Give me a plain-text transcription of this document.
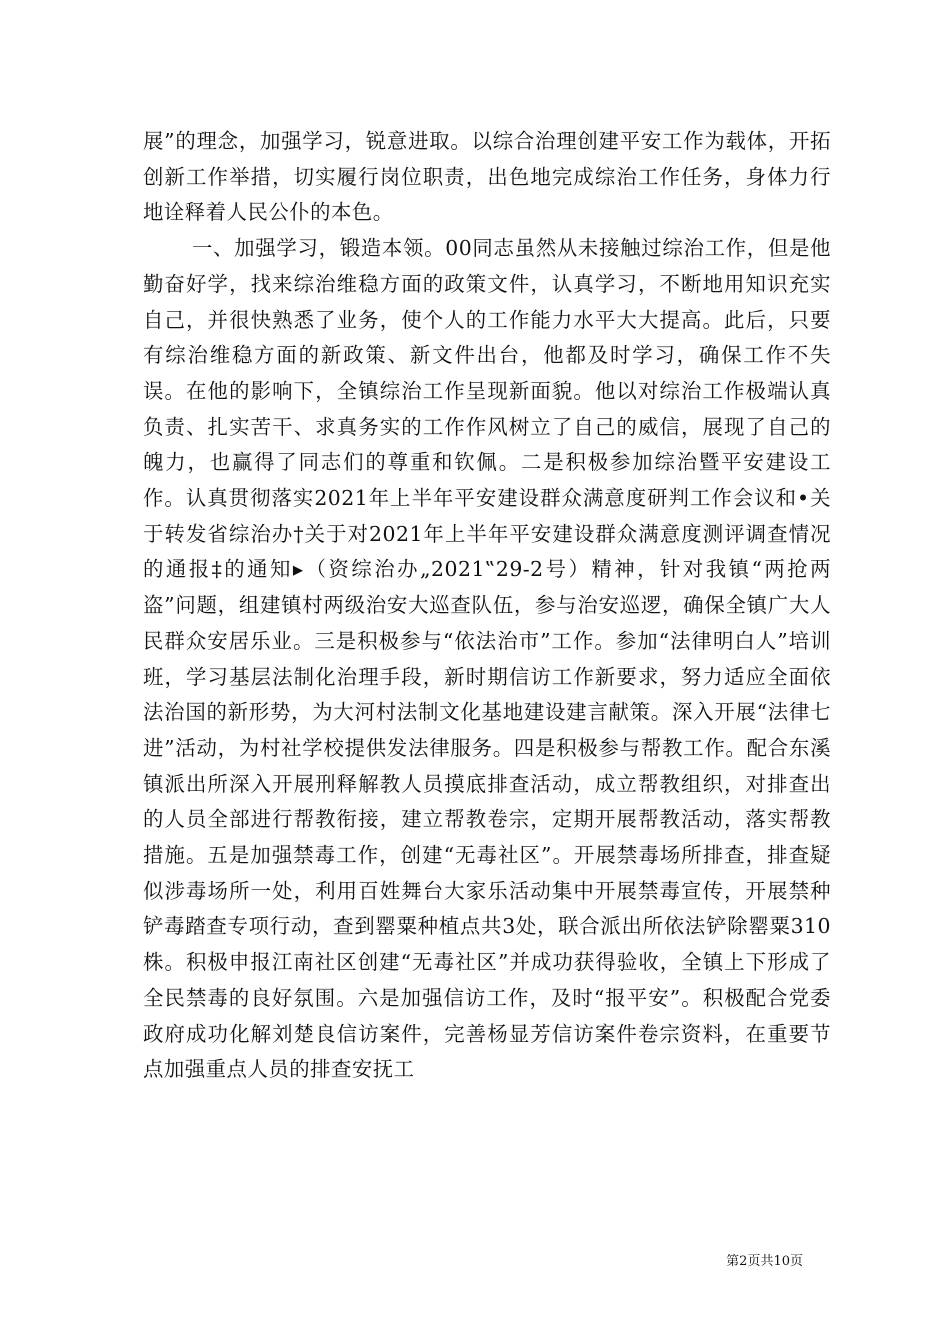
展”的理念，加强学习，锐意进取。以综合治理创建平安工作为载体，开拓创新工作举措，切实履行岗位职责，出色地完成综治工作任务，身体力行地诠释着人民公仆的本色。

一、加强学习，锻造本领。00同志虽然从未接触过综治工作，但是他勤奋好学，找来综治维稳方面的政策文件，认真学习，不断地用知识充实自己，并很快熟悉了业务，使个人的工作能力水平大大提高。此后，只要有综治维稳方面的新政策、新文件出台，他都及时学习，确保工作不失误。在他的影响下，全镇综治工作呈现新面貌。他以对综治工作极端认真负责、扎实苦干、求真务实的工作作风树立了自己的威信，展现了自己的魄力，也赢得了同志们的尊重和钦佩。二是积极参加综治暨平安建设工作。认真贯彻落实2021年上半年平安建设群众满意度研判工作会议和•关于转发省综治办†关于对2021年上半年平安建设群众满意度测评调查情况的通报‡的通知▸（资综治办„2021‟29-2号）精神，针对我镇“两抢两盗”问题，组建镇村两级治安大巡查队伍，参与治安巡逻，确保全镇广大人民群众安居乐业。三是积极参与“依法治市”工作。参加“法律明白人”培训班，学习基层法制化治理手段，新时期信访工作新要求，努力适应全面依法治国的新形势，为大河村法制文化基地建设建言献策。深入开展“法律七进”活动，为村社学校提供发法律服务。四是积极参与帮教工作。配合东溪镇派出所深入开展刑释解教人员摸底排查活动，成立帮教组织，对排查出的人员全部进行帮教衔接，建立帮教卷宗，定期开展帮教活动，落实帮教措施。五是加强禁毒工作，创建“无毒社区”。开展禁毒场所排查，排查疑似涉毒场所一处，利用百姓舞台大家乐活动集中开展禁毒宣传，开展禁种铲毒踏查专项行动，查到罂粟种植点共3处，联合派出所依法铲除罂粟310株。积极申报江南社区创建“无毒社区”并成功获得验收，全镇上下形成了全民禁毒的良好氛围。六是加强信访工作，及时“报平安”。积极配合党委政府成功化解刘楚良信访案件，完善杨显芳信访案件卷宗资料，在重要节点加强重点人员的排查安抚工

第2页共10页
